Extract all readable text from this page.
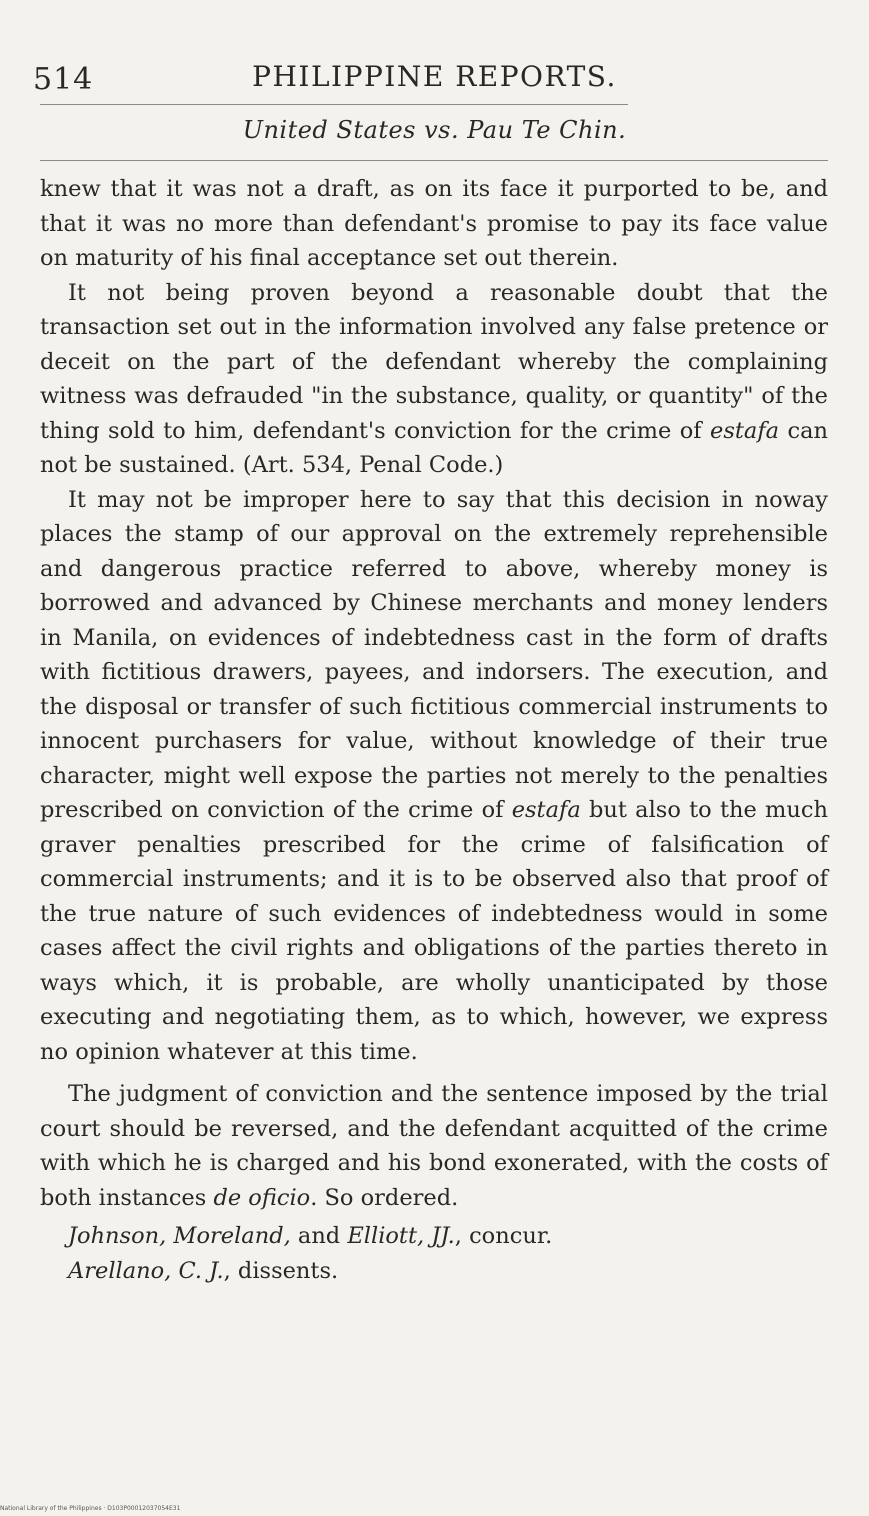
514	PHILIPPINE REPORTS.
United States vs. Pau Te Chin.

knew that it was not a draft, as on its face it purported to be, and that it was no more than defendant's promise to pay its face value on maturity of his final acceptance set out therein.

It not being proven beyond a reasonable doubt that the transaction set out in the information involved any false pretence or deceit on the part of the defendant whereby the complaining witness was defrauded "in the substance, quality, or quantity" of the thing sold to him, defendant's conviction for the crime of estafa can not be sustained. (Art. 534, Penal Code.)

It may not be improper here to say that this decision in noway places the stamp of our approval on the extremely reprehensible and dangerous practice referred to above, whereby money is borrowed and advanced by Chinese merchants and money lenders in Manila, on evidences of indebtedness cast in the form of drafts with fictitious drawers, payees, and indorsers. The execution, and the disposal or transfer of such fictitious commercial instruments to innocent purchasers for value, without knowledge of their true character, might well expose the parties not merely to the penalties prescribed on conviction of the crime of estafa but also to the much graver penalties prescribed for the crime of falsification of commercial instruments; and it is to be observed also that proof of the true nature of such evidences of indebtedness would in some cases affect the civil rights and obligations of the parties thereto in ways which, it is probable, are wholly unanticipated by those executing and negotiating them, as to which, however, we express no opinion whatever at this time.

The judgment of conviction and the sentence imposed by the trial court should be reversed, and the defendant acquitted of the crime with which he is charged and his bond exonerated, with the costs of both instances de oficio. So ordered.

Johnson, Moreland, and Elliott, JJ., concur.

Arellano, C. J., dissents.

National Library of the Philippines · D103P00012037054E31
